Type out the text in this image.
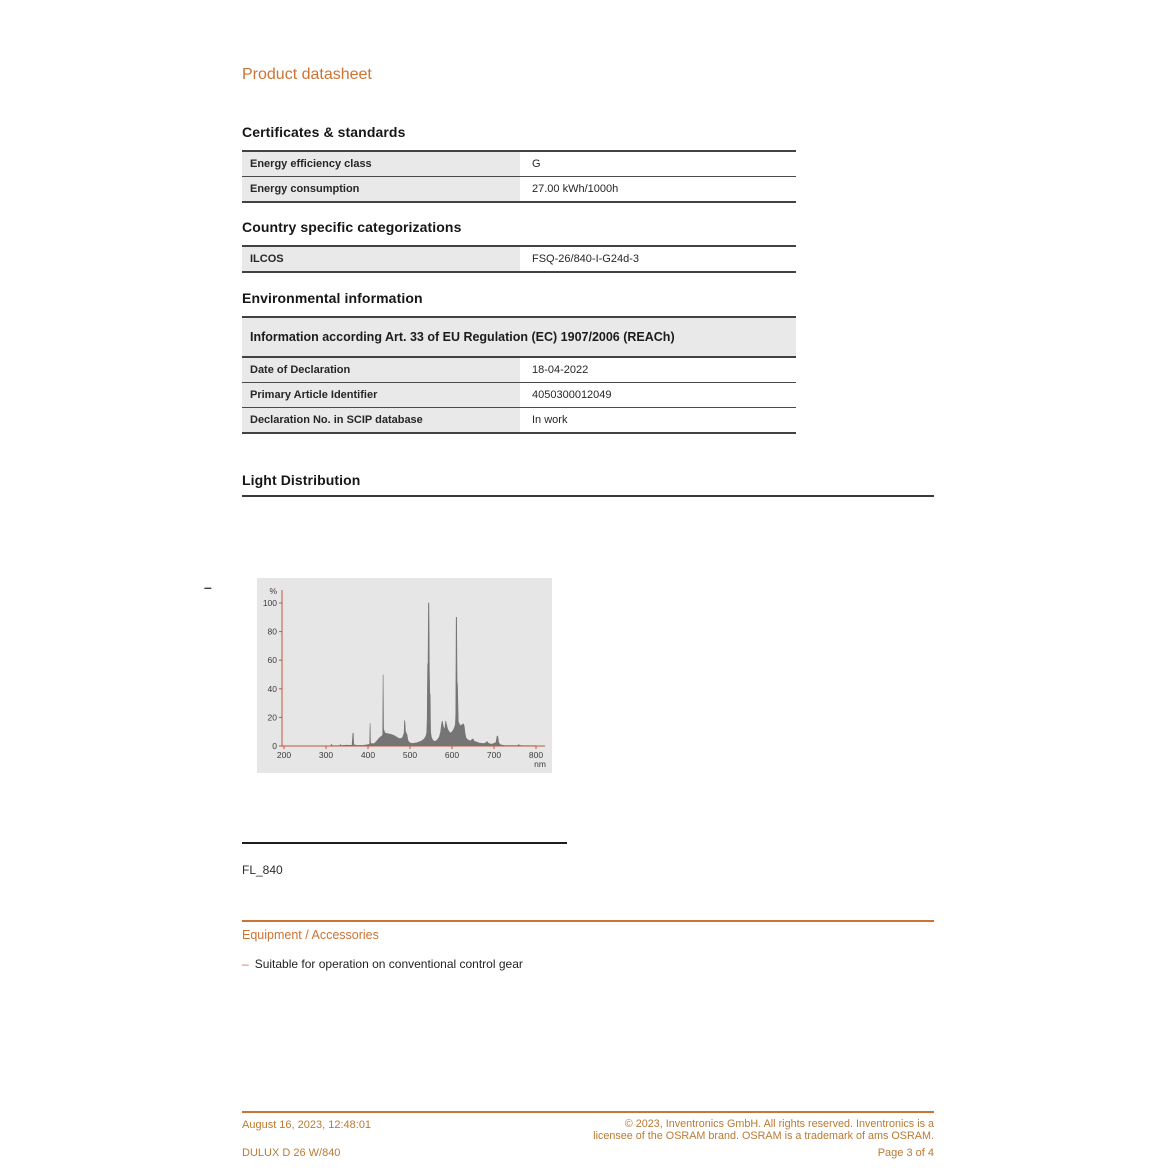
Product datasheet
Certificates & standards
Energy efficiency class	G
Energy consumption	27.00 kWh/1000h
Country specific categorizations
ILCOS	FSQ-26/840-I-G24d-3
Environmental information
Information according Art. 33 of EU Regulation (EC) 1907/2006 (REACh)
Date of Declaration	18-04-2022
Primary Article Identifier	4050300012049
Declaration No. in SCIP database	In work
Light Distribution
–
0
20
40
60
80
100
%
200	300	400	500	600	700	800
nm
FL_840
Equipment / Accessories
– Suitable for operation on conventional control gear
August 16, 2023, 12:48:01
DULUX D 26 W/840
© 2023, Inventronics GmbH. All rights reserved. Inventronics is a
licensee of the OSRAM brand. OSRAM is a trademark of ams OSRAM.
Page 3 of 4
